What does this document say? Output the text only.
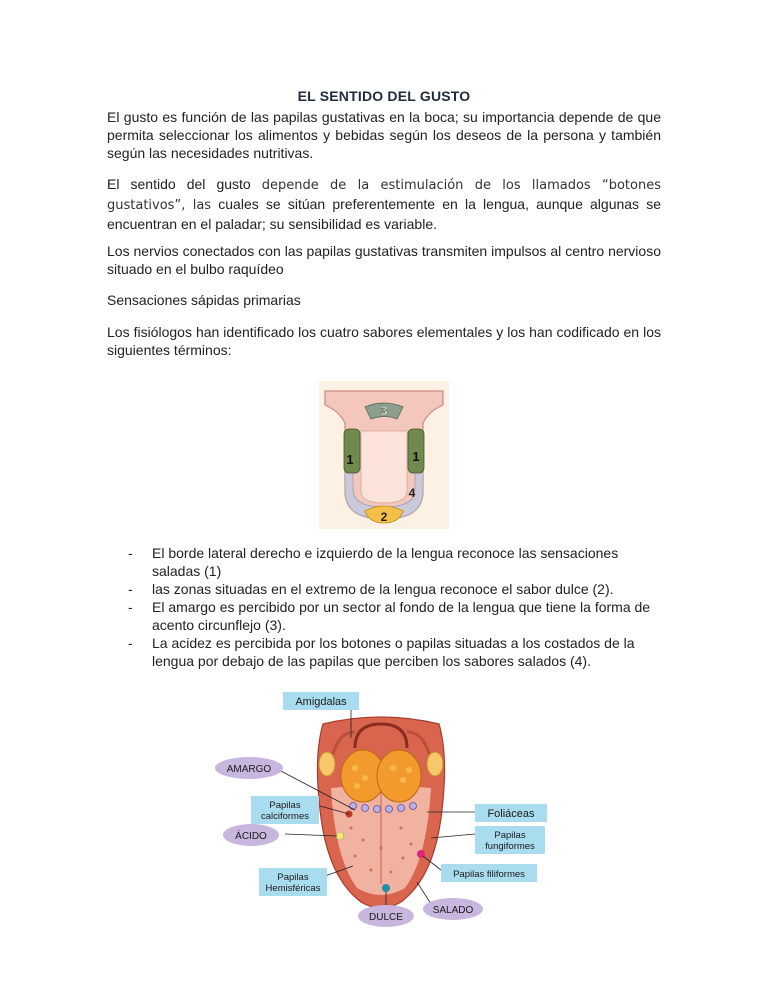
EL SENTIDO DEL GUSTO

El gusto es función de las papilas gustativas en la boca; su importancia depende de que permita seleccionar los alimentos y bebidas según los deseos de la persona y también según las necesidades nutritivas.

El sentido del gusto depende de la estimulación de los llamados “botones gustativos”, las cuales se sitúan preferentemente en la lengua, aunque algunas se encuentran en el paladar; su sensibilidad es variable.

Los nervios conectados con las papilas gustativas transmiten impulsos al centro nervioso situado en el bulbo raquídeo

Sensaciones sápidas primarias

Los fisiólogos han identificado los cuatro sabores elementales y los han codificado en los siguientes términos:

3
1	1
4
2
- El borde lateral derecho e izquierdo de la lengua reconoce las sensaciones saladas (1)
- las zonas situadas en el extremo de la lengua reconoce el sabor dulce (2).
- El amargo es percibido por un sector al fondo de la lengua que tiene la forma de acento circunflejo (3).
- La acidez es percibida por los botones o papilas situadas a los costados de la lengua por debajo de las papilas que perciben los sabores salados (4).
Amigdalas
AMARGO
Papilas
calciformes	Foliáceas
ÁCIDO	Papilas
fungiformes
Papilas filiformes
Papilas
Hemisféricas
SALADO
DULCE
